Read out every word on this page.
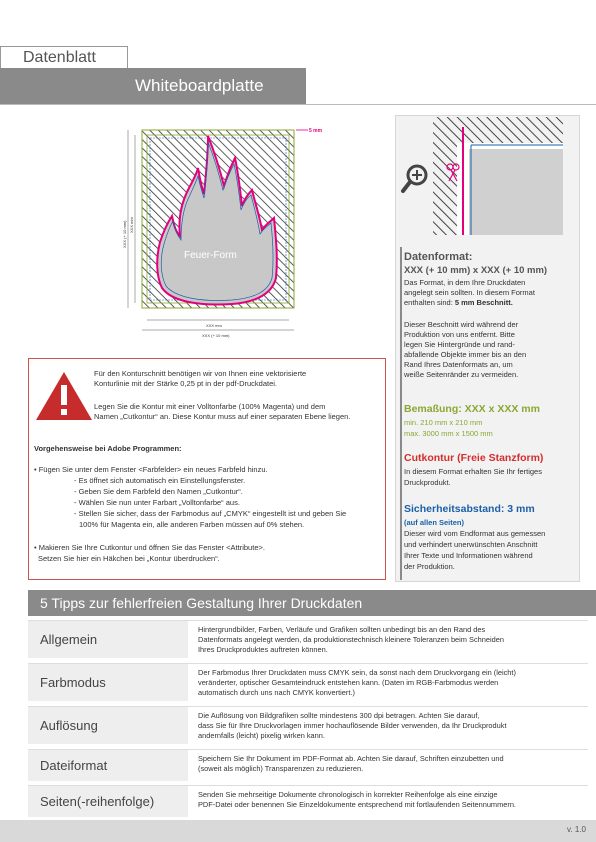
Datenblatt
Whiteboardplatte
Feuer-Form
5 mm
XXX mm
XXX (+ 10 mm)
XXX (+ 10 mm) XXX mm
Datenformat:
XXX (+ 10 mm) x XXX (+ 10 mm)
Das Format, in dem Ihre Druckdaten
angelegt sein sollten. In diesem Format
enthalten sind: 5 mm Beschnitt.
Dieser Beschnitt wird während der
Produktion von uns entfernt. Bitte
legen Sie Hintergründe und rand-
abfallende Objekte immer bis an den
Rand Ihres Datenformats an, um
weiße Seitenränder zu vermeiden.
Bemaßung: XXX x XXX mm
min. 210 mm x 210 mm
max. 3000 mm x 1500 mm
Cutkontur (Freie Stanzform)
In diesem Format erhalten Sie Ihr fertiges
Druckprodukt.
Sicherheitsabstand: 3 mm
(auf allen Seiten)
Dieser wird vom Endformat aus gemessen
und verhindert unerwünschten Anschnitt
Ihrer Texte und Informationen während
der Produktion.
Für den Konturschnitt benötigen wir von Ihnen eine vektorisierte
Konturlinie mit der Stärke 0,25 pt in der pdf-Druckdatei.
Legen Sie die Kontur mit einer Volltonfarbe (100% Magenta) und dem
Namen „Cutkontur“ an. Diese Kontur muss auf einer separaten Ebene liegen.
Vorgehensweise bei Adobe Programmen:
• Fügen Sie unter dem Fenster <Farbfelder> ein neues Farbfeld hinzu.
- Es öffnet sich automatisch ein Einstellungsfenster.
- Geben Sie dem Farbfeld den Namen „Cutkontur“.
- Wählen Sie nun unter Farbart „Volltonfarbe“ aus.
- Stellen Sie sicher, dass der Farbmodus auf „CMYK“ eingestellt ist und geben Sie
100% für Magenta ein, alle anderen Farben müssen auf 0% stehen.
• Makieren Sie Ihre Cutkontur und öffnen Sie das Fenster <Attribute>.
Setzen Sie hier ein Häkchen bei „Kontur überdrucken“.
5 Tipps zur fehlerfreien Gestaltung Ihrer Druckdaten
Allgemein
Hintergrundbilder, Farben, Verläufe und Grafiken sollten unbedingt bis an den Rand des
Datenformats angelegt werden, da produktionstechnisch kleinere Toleranzen beim Schneiden
Ihres Druckproduktes auftreten können.
Farbmodus
Der Farbmodus Ihrer Druckdaten muss CMYK sein, da sonst nach dem Druckvorgang ein (leicht)
veränderter, optischer Gesamteindruck entstehen kann. (Daten im RGB-Farbmodus werden
automatisch durch uns nach CMYK konvertiert.)
Auflösung
Die Auflösung von Bildgrafiken sollte mindestens 300 dpi betragen. Achten Sie darauf,
dass Sie für Ihre Druckvorlagen immer hochauflösende Bilder verwenden, da Ihr Druckprodukt
andernfalls (leicht) pixelig wirken kann.
Dateiformat	Speichern Sie Ihr Dokument im PDF-Format ab. Achten Sie darauf, Schriften einzubetten und
(soweit als möglich) Transparenzen zu reduzieren.
Seiten(-reihenfolge)	Senden Sie mehrseitige Dokumente chronologisch in korrekter Reihenfolge als eine einzige
PDF-Datei oder benennen Sie Einzeldokumente entsprechend mit fortlaufenden Seitennummern.
v. 1.0
